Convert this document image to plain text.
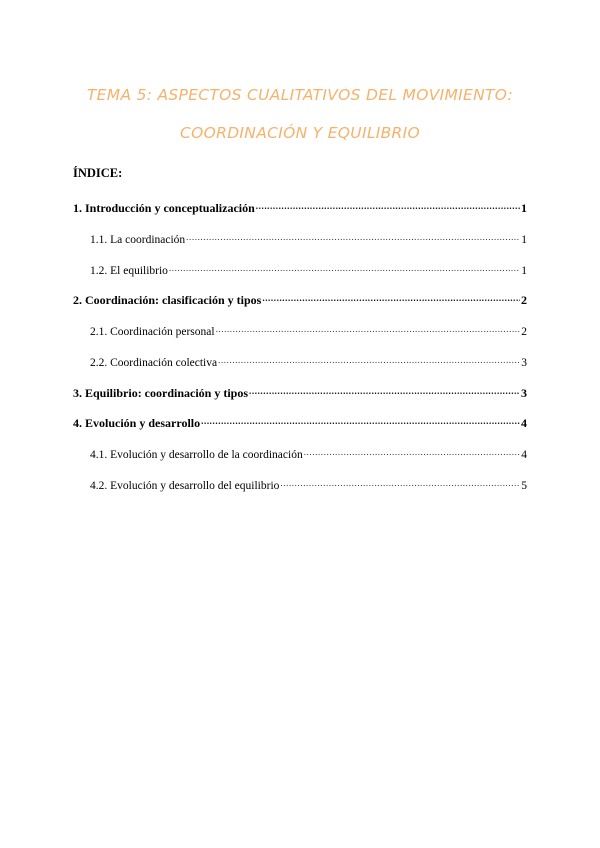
TEMA 5: ASPECTOS CUALITATIVOS DEL MOVIMIENTO:
COORDINACIÓN Y EQUILIBRIO
ÍNDICE:
1. Introducción y conceptualización .....	1
1.1. La coordinación .....	1
1.2. El equilibrio .....	1
2. Coordinación: clasificación y tipos .....	2
2.1. Coordinación personal .....	2
2.2. Coordinación colectiva .....	3
3. Equilibrio: coordinación y tipos .....	3
4. Evolución y desarrollo .....	4
4.1. Evolución y desarrollo de la coordinación .....	4
4.2. Evolución y desarrollo del equilibrio .....	5
